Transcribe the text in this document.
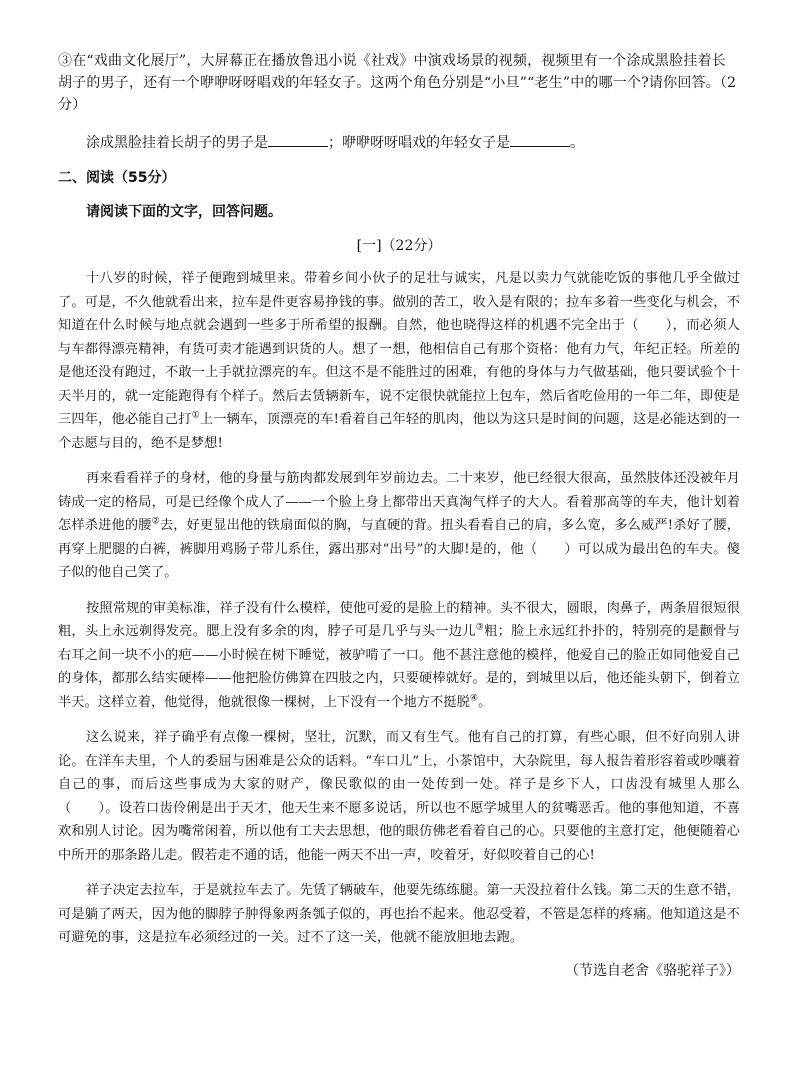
③在“戏曲文化展厅”，大屏幕正在播放鲁迅小说《社戏》中演戏场景的视频，视频里有一个涂成黑脸挂着长胡子的男子，还有一个咿咿呀呀唱戏的年轻女子。这两个角色分别是“小旦”“老生”中的哪一个?请你回答。（2分）

涂成黑脸挂着长胡子的男子是	；咿咿呀呀唱戏的年轻女子是	。
二、阅读（55分）
请阅读下面的文字，回答问题。
[一]（22分）

十八岁的时候，祥子便跑到城里来。带着乡间小伙子的足壮与诚实，凡是以卖力气就能吃饭的事他几乎全做过了。可是，不久他就看出来，拉车是件更容易挣钱的事。做别的苦工，收入是有限的；拉车多着一些变化与机会，不知道在什么时候与地点就会遇到一些多于所希望的报酬。自然，他也晓得这样的机遇不完全出于（　　），而必须人与车都得漂亮精神，有货可卖才能遇到识货的人。想了一想，他相信自己有那个资格：他有力气，年纪正轻。所差的是他还没有跑过，不敢一上手就拉漂亮的车。但这不是不能胜过的困难，有他的身体与力气做基础，他只要试验个十天半月的，就一定能跑得有个样子。然后去赁辆新车，说不定很快就能拉上包车，然后省吃俭用的一年二年，即使是三四年，他必能自己打①上一辆车，顶漂亮的车!看着自己年轻的肌肉，他以为这只是时间的问题，这是必能达到的一个志愿与目的，绝不是梦想!

再来看看祥子的身材，他的身量与筋肉都发展到年岁前边去。二十来岁，他已经很大很高，虽然肢体还没被年月铸成一定的格局，可是已经像个成人了——一个脸上身上都带出天真淘气样子的大人。看着那高等的车夫，他计划着怎样杀进他的腰②去，好更显出他的铁扇面似的胸，与直硬的背。扭头看看自己的肩，多么宽，多么威严!杀好了腰，再穿上肥腿的白裤，裤脚用鸡肠子带儿系住，露出那对“出号”的大脚!是的，他（　　）可以成为最出色的车夫。傻子似的他自己笑了。

按照常规的审美标准，祥子没有什么模样，使他可爱的是脸上的精神。头不很大，圆眼，肉鼻子，两条眉很短很粗，头上永远剃得发亮。腮上没有多余的肉，脖子可是几乎与头一边儿③粗；脸上永远红扑扑的，特别亮的是颧骨与右耳之间一块不小的疤——小时候在树下睡觉，被驴啃了一口。他不甚注意他的模样，他爱自己的脸正如同他爱自己的身体，都那么结实硬棒——他把脸仿佛算在四肢之内，只要硬棒就好。是的，到城里以后，他还能头朝下，倒着立半天。这样立着，他觉得，他就很像一棵树，上下没有一个地方不挺脱④。

这么说来，祥子确乎有点像一棵树，坚壮，沉默，而又有生气。他有自己的打算，有些心眼，但不好向别人讲论。在洋车夫里，个人的委屈与困难是公众的话料。“车口儿”上，小茶馆中，大杂院里，每人报告着形容着或吵嚷着自己的事，而后这些事成为大家的财产，像民歌似的由一处传到一处。祥子是乡下人，口齿没有城里人那么（　　）。设若口齿伶俐是出于天才，他天生来不愿多说话，所以也不愿学城里人的贫嘴恶舌。他的事他知道，不喜欢和别人讨论。因为嘴常闲着，所以他有工夫去思想，他的眼仿佛老看着自己的心。只要他的主意打定，他便随着心中所开的那条路儿走。假若走不通的话，他能一两天不出一声，咬着牙，好似咬着自己的心!

祥子决定去拉车，于是就拉车去了。先赁了辆破车，他要先练练腿。第一天没拉着什么钱。第二天的生意不错，可是躺了两天，因为他的脚脖子肿得象两条瓠子似的，再也抬不起来。他忍受着，不管是怎样的疼痛。他知道这是不可避免的事，这是拉车必须经过的一关。过不了这一关，他就不能放胆地去跑。

（节选自老舍《骆驼祥子》）
